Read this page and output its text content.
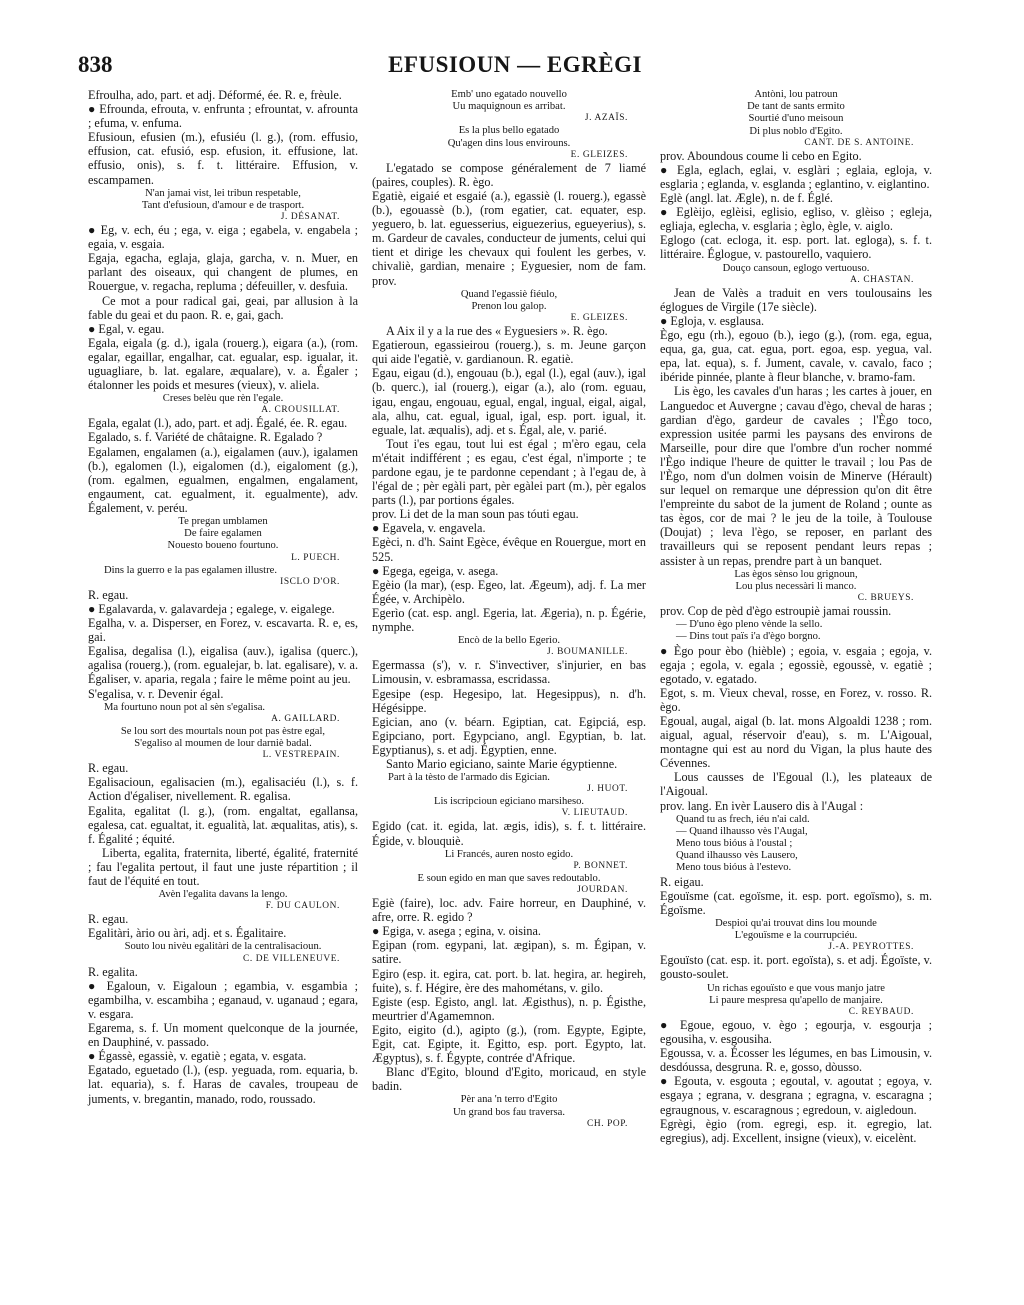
838	EFUSIOUN — EGRÈGI

Efroulha, ado, part. et adj. Déformé, ée. R. e, frèule.

● Efrounda, efrouta, v. enfrunta ; efrountat, v. afrounta ; efuma, v. enfuma.

Efusioun, efusien (m.), efusiéu (l. g.), (rom. effusio, effusion, cat. efusió, esp. efusion, it. effusione, lat. effusio, onis), s. f. t. littéraire. Effusion, v. escampamen.

N'an jamai vist, lei tribun respetable,
Tant d'efusioun, d'amour e de trasport.

J. DÉSANAT.

● Eg, v. ech, éu ; ega, v. eiga ; egabela, v. engabela ; egaia, v. esgaia.

Egaja, egacha, eglaja, glaja, garcha, v. n. Muer, en parlant des oiseaux, qui changent de plumes, en Rouergue, v. regacha, repluma ; défeuiller, v. desfuia.

Ce mot a pour radical gai, geai, par allusion à la fable du geai et du paon. R. e, gai, gach.

● Egal, v. egau.

Egala, eigala (g. d.), igala (rouerg.), eigara (a.), (rom. egalar, egaillar, engalhar, cat. egualar, esp. igualar, it. uguagliare, b. lat. egalare, æqualare), v. a. Égaler ; étalonner les poids et mesures (vieux), v. aliela.

Creses belèu que rèn l'egale.

A. CROUSILLAT.

Egala, egalat (l.), ado, part. et adj. Égalé, ée. R. egau.

Egalado, s. f. Variété de châtaigne. R. Egalado ?

Egalamen, engalamen (a.), eigalamen (auv.), igalamen (b.), egalomen (l.), eigalomen (d.), eigaloment (g.), (rom. egalmen, egualmen, engalmen, engalament, engaument, cat. egualment, it. egualmente), adv. Également, v. peréu.

Te pregan umblamen
De faire egalamen
Nouesto boueno fourtuno.

L. PUECH.

Dins la guerro e la pas egalamen illustre.

ISCLO D'OR.

R. egau.

● Egalavarda, v. galavardeja ; egalege, v. eigalege.

Egalha, v. a. Disperser, en Forez, v. escavarta. R. e, es, gai.

Egalisa, degalisa (l.), eigalisa (auv.), igalisa (querc.), agalisa (rouerg.), (rom. egualejar, b. lat. egalisare), v. a. Égaliser, v. aparia, regala ; faire le même point au jeu.

S'egalisa, v. r. Devenir égal.

Ma fourtuno noun pot al sèn s'egalisa.

A. GAILLARD.

Se lou sort des mourtals noun pot pas èstre egal,
S'egaliso al moumen de lour darniè badal.

L. VESTREPAIN.

R. egau.

Egalisacioun, egalisacien (m.), egalisaciéu (l.), s. f. Action d'égaliser, nivellement. R. egalisa.

Egalita, egalitat (l. g.), (rom. engaltat, egallansa, egalesa, cat. egualtat, it. egualità, lat. æqualitas, atis), s. f. Égalité ; équité.

Liberta, egalita, fraternita, liberté, égalité, fraternité ; fau l'egalita pertout, il faut une juste répartition ; il faut de l'équité en tout.

Avèn l'egalita davans la lengo.

F. DU CAULON.

R. egau.

Egalitàri, àrio ou àri, adj. et s. Égalitaire.

Souto lou nivèu egalitàri de la centralisacioun.

C. DE VILLENEUVE.

R. egalita.

● Egaloun, v. Eigaloun ; egambia, v. esgambia ; egambilha, v. escambiha ; eganaud, v. uganaud ; egara, v. esgara.

Egarema, s. f. Un moment quelconque de la journée, en Dauphiné, v. passado.

● Égassè, egassiè, v. egatiè ; egata, v. esgata.

Egatado, eguetado (l.), (esp. yeguada, rom. equaria, b. lat. equaria), s. f. Haras de cavales, troupeau de juments, v. bregantin, manado, rodo, roussado.

Emb' uno egatado nouvello
Uu maquignoun es arribat.

J. AZAÏS.

Es la plus bello egatado
Qu'agen dins lous envirouns.

E. GLEIZES.

L'egatado se compose généralement de 7 liamé (paires, couples). R. ègo.

Egatiè, eigaié et esgaié (a.), egassiè (l. rouerg.), egassè (b.), egouassè (b.), (rom egatier, cat. equater, esp. yeguero, b. lat. eguesserius, eiguezerius, egueyerius), s. m. Gardeur de cavales, conducteur de juments, celui qui tient et dirige les chevaux qui foulent les gerbes, v. chivaliè, gardian, menaire ; Eyguesier, nom de fam. prov.

Quand l'egassiè fiéulo,
Prenon lou galop.

E. GLEIZES.

A Aix il y a la rue des « Eyguesiers ». R. ègo.

Egatieroun, egassieirou (rouerg.), s. m. Jeune garçon qui aide l'egatiè, v. gardianoun. R. egatiè.

Egau, eigau (d.), engouau (b.), egal (l.), egal (auv.), igal (b. querc.), ial (rouerg.), eigar (a.), alo (rom. eguau, igau, engau, engouau, egual, engal, ingual, eigal, aigal, ala, alhu, cat. egual, igual, igal, esp. port. igual, it. eguale, lat. æqualis), adj. et s. Égal, ale, v. parié.

Tout i'es egau, tout lui est égal ; m'èro egau, cela m'était indifférent ; es egau, c'est égal, n'importe ; te pardone egau, je te pardonne cependant ; à l'egau de, à l'égal de ; pèr egàli part, pèr egàlei part (m.), pèr egalos parts (l.), par portions égales.

prov. Li det de la man soun pas tóuti egau.

● Egavela, v. engavela.

Egèci, n. d'h. Saint Egèce, évêque en Rouergue, mort en 525.

● Egega, egeiga, v. asega.

Egèio (la mar), (esp. Egeo, lat. Ægeum), adj. f. La mer Égée, v. Archipèlo.

Egerìo (cat. esp. angl. Egeria, lat. Ægeria), n. p. Égérie, nymphe.

Encò de la bello Egerìo.

J. BOUMANILLE.

Egermassa (s'), v. r. S'invectiver, s'injurier, en bas Limousin, v. esbramassa, escridassa.

Egesipe (esp. Hegesipo, lat. Hegesippus), n. d'h. Hégésippe.

Egician, ano (v. béarn. Egiptian, cat. Egipciá, esp. Egipciano, port. Egypciano, angl. Egyptian, b. lat. Egyptianus), s. et adj. Égyptien, enne.

Santo Mario egiciano, sainte Marie égyptienne.

Part à la tèsto de l'armado dis Egician.

J. HUOT.

Lis iscripcioun egiciano marsiheso.

V. LIEUTAUD.

Egido (cat. it. egida, lat. ægis, idis), s. f. t. littéraire. Égide, v. blouquiè.

Li Francés, auren nosto egido.

P. BONNET.

E soun egido en man que saves redoutablo.

JOURDAN.

Egiè (faire), loc. adv. Faire horreur, en Dauphiné, v. afre, orre. R. egido ?

● Egiga, v. asega ; egina, v. oisina.

Egipan (rom. egypani, lat. ægipan), s. m. Égipan, v. satire.

Egiro (esp. it. egira, cat. port. b. lat. hegira, ar. hegireh, fuite), s. f. Hégire, ère des mahométans, v. gilo.

Egiste (esp. Egisto, angl. lat. Ægisthus), n. p. Égisthe, meurtrier d'Agamemnon.

Egito, eigito (d.), agipto (g.), (rom. Egypte, Egipte, Egit, cat. Egipte, it. Egitto, esp. port. Egypto, lat. Ægyptus), s. f. Égypte, contrée d'Afrique.

Blanc d'Egito, blound d'Egito, moricaud, en style badin.

Pèr ana 'n terro d'Egito
Un grand bos fau traversa.

CH. POP.

Antòni, lou patroun
De tant de sants ermito
Sourtié d'uno meisoun
Di plus noblo d'Egito.

CANT. DE S. ANTOINE.

prov. Aboundous coume li cebo en Egito.

● Egla, eglach, eglai, v. esglàri ; eglaia, egloja, v. esglaria ; eglanda, v. esglanda ; eglantino, v. eiglantino.

Eglè (angl. lat. Ægle), n. de f. Églé.

● Eglèijo, eglèisi, eglisio, egliso, v. glèiso ; egleja, egliaja, eglecha, v. esglaria ; èglo, ègle, v. aiglo.

Eglogo (cat. ecloga, it. esp. port. lat. egloga), s. f. t. littéraire. Églogue, v. pastourello, vaquiero.

Douço cansoun, eglogo vertuouso.

A. CHASTAN.

Jean de Valès a traduit en vers toulousains les églogues de Virgile (17e siècle).

● Egloja, v. esglausa.

Ègo, egu (rh.), egouo (b.), iego (g.), (rom. ega, egua, equa, ga, gua, cat. egua, port. egoa, esp. yegua, val. epa, lat. equa), s. f. Jument, cavale, v. cavalo, faco ; ibéride pinnée, plante à fleur blanche, v. bramo-fam.

Lis ègo, les cavales d'un haras ; les cartes à jouer, en Languedoc et Auvergne ; cavau d'ègo, cheval de haras ; gardian d'ègo, gardeur de cavales ; l'Ègo toco, expression usitée parmi les paysans des environs de Marseille, pour dire que l'ombre d'un rocher nommé l'Ègo indique l'heure de quitter le travail ; lou Pas de l'Ègo, nom d'un dolmen voisin de Minerve (Hérault) sur lequel on remarque une dépression qu'on dit être l'empreinte du sabot de la jument de Roland ; ounte as tas ègos, cor de mai ? le jeu de la toile, à Toulouse (Doujat) ; leva l'ègo, se reposer, en parlant des travailleurs qui se reposent pendant leurs repas ; assister à un repas, prendre part à un banquet.

Las ègos sènso lou grignoun,
Lou plus necessàri li manco.

C. BRUEYS.

prov. Cop de pèd d'ègo estroupiè jamai roussin.

— D'uno ègo pleno vènde la sello.
— Dins tout païs i'a d'ègo borgno.

● Ègo pour èbo (hièble) ; egoia, v. esgaia ; egoja, v. egaja ; egola, v. egala ; egossiè, egoussè, v. egatiè ; egotado, v. egatado.

Egot, s. m. Vieux cheval, rosse, en Forez, v. rosso. R. ègo.

Egoual, augal, aigal (b. lat. mons Algoaldi 1238 ; rom. aigual, agual, réservoir d'eau), s. m. L'Aigoual, montagne qui est au nord du Vigan, la plus haute des Cévennes.

Lous causses de l'Egoual (l.), les plateaux de l'Aigoual.

prov. lang. En ivèr Lausero dis à l'Augal :

Quand tu as frech, iéu n'ai cald.
— Quand ilhausso vès l'Augal,
Meno tous bióus à l'oustal ;
Quand ilhausso vès Lausero,
Meno tous bióus à l'estevo.

R. eigau.

Egouïsme (cat. egoïsme, it. esp. port. egoïsmo), s. m. Égoïsme.

Despioi qu'ai trouvat dins lou mounde
L'egouïsme e la courrupciéu.

J.-A. PEYROTTES.

Egouïsto (cat. esp. it. port. egoïsta), s. et adj. Égoïste, v. gousto-soulet.

Un richas egouïsto e que vous manjo jatre
Li paure mespresa qu'apello de manjaire.

C. REYBAUD.

● Egoue, egouo, v. ègo ; egourja, v. esgourja ; egousiha, v. esgousiha.

Egoussa, v. a. Écosser les légumes, en bas Limousin, v. desdóussa, desgruna. R. e, gosso, dòusso.

● Egouta, v. esgouta ; egoutal, v. agoutat ; egoya, v. esgaya ; egrana, v. desgrana ; egragna, v. escaragna ; egraugnous, v. escaragnous ; egredoun, v. aigledoun.

Egrègi, ègio (rom. egregi, esp. it. egregio, lat. egregius), adj. Excellent, insigne (vieux), v. eicelènt.
